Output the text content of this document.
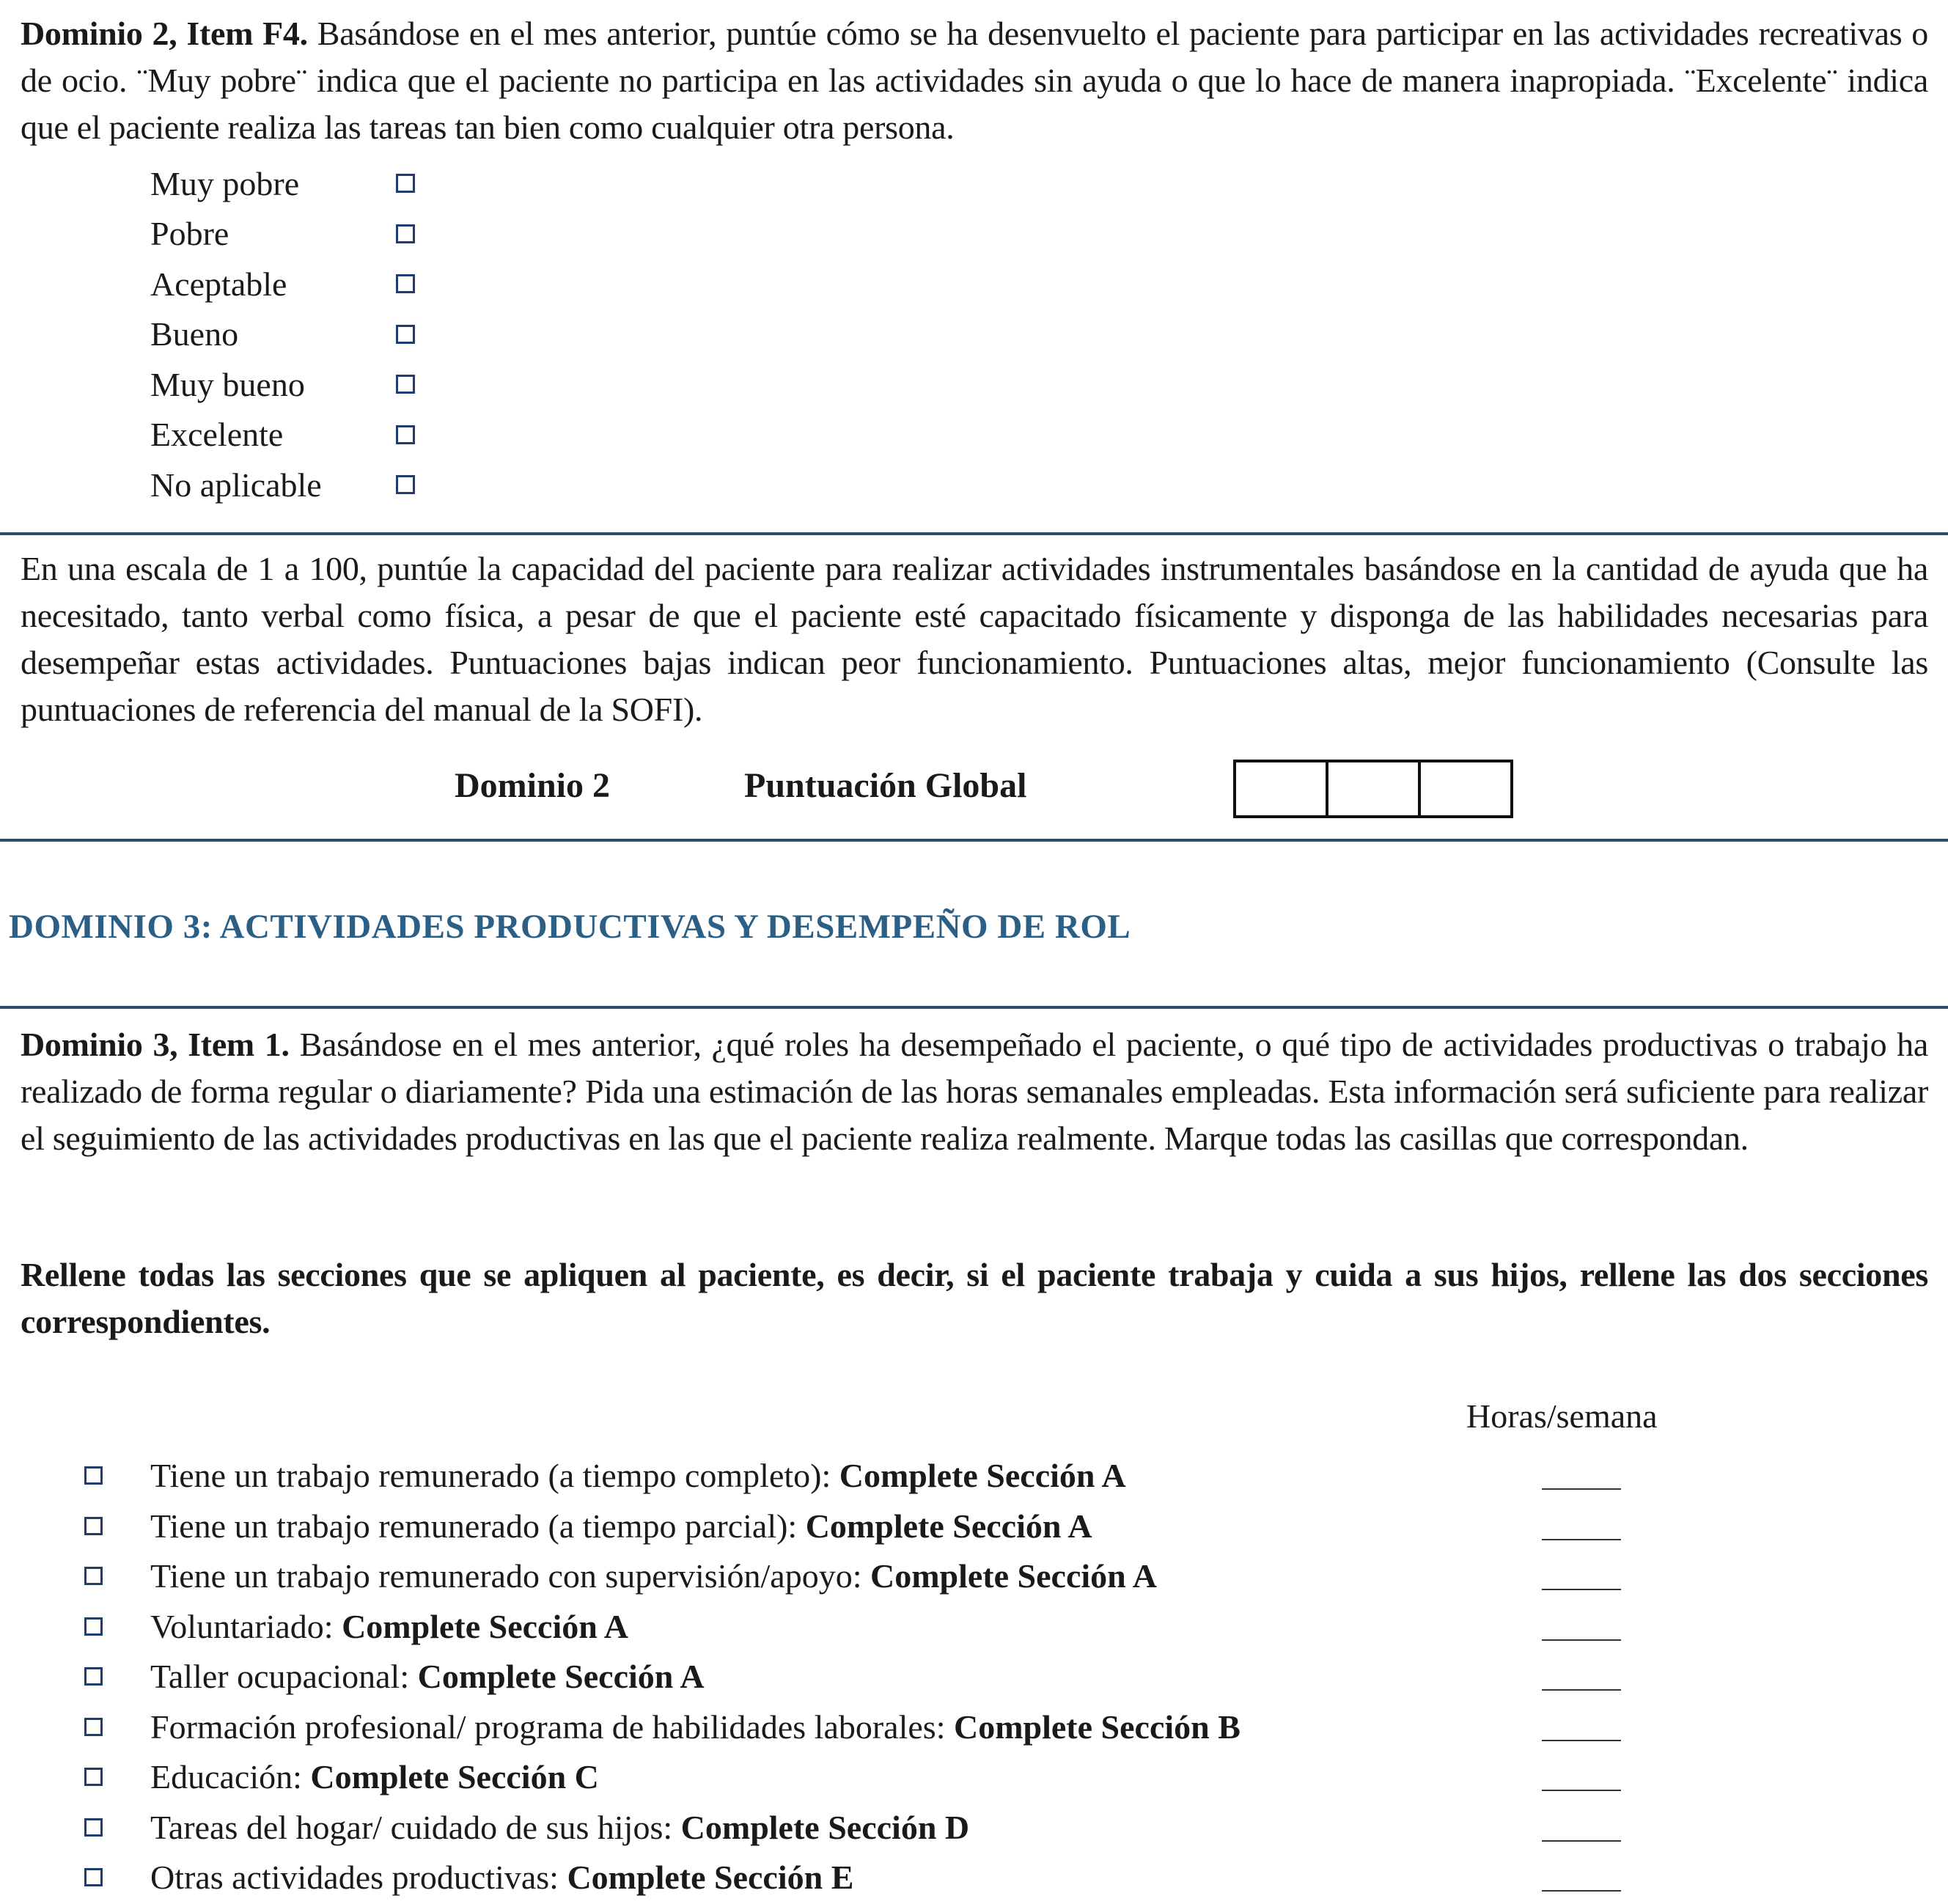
Dominio 2, Item F4. Basándose en el mes anterior, puntúe cómo se ha desenvuelto el paciente para participar en las actividades recreativas o de ocio. ¨Muy pobre¨ indica que el paciente no participa en las actividades sin ayuda o que lo hace de manera inapropiada. ¨Excelente¨ indica que el paciente realiza las tareas tan bien como cualquier otra persona.

Muy pobre
Pobre
Aceptable
Bueno
Muy bueno
Excelente
No aplicable

En una escala de 1 a 100, puntúe la capacidad del paciente para realizar actividades instrumentales basándose en la cantidad de ayuda que ha necesitado, tanto verbal como física, a pesar de que el paciente esté capacitado físicamente y disponga de las habilidades necesarias para desempeñar estas actividades. Puntuaciones bajas indican peor funcionamiento. Puntuaciones altas, mejor funcionamiento (Consulte las puntuaciones de referencia del manual de la SOFI).

Dominio 2	Puntuación Global
DOMINIO 3: ACTIVIDADES PRODUCTIVAS Y DESEMPEÑO DE ROL

Dominio 3, Item 1. Basándose en el mes anterior, ¿qué roles ha desempeñado el paciente, o qué tipo de actividades productivas o trabajo ha realizado de forma regular o diariamente? Pida una estimación de las horas semanales empleadas. Esta información será suficiente para realizar el seguimiento de las actividades productivas en las que el paciente realiza realmente. Marque todas las casillas que correspondan.

Rellene todas las secciones que se apliquen al paciente, es decir, si el paciente trabaja y cuida a sus hijos, rellene las dos secciones correspondientes.

Horas/semana
Tiene un trabajo remunerado (a tiempo completo): Complete Sección A
Tiene un trabajo remunerado (a tiempo parcial): Complete Sección A
Tiene un trabajo remunerado con supervisión/apoyo: Complete Sección A
Voluntariado: Complete Sección A
Taller ocupacional: Complete Sección A
Formación profesional/ programa de habilidades laborales: Complete Sección B
Educación: Complete Sección C
Tareas del hogar/ cuidado de sus hijos: Complete Sección D
Otras actividades productivas: Complete Sección E
